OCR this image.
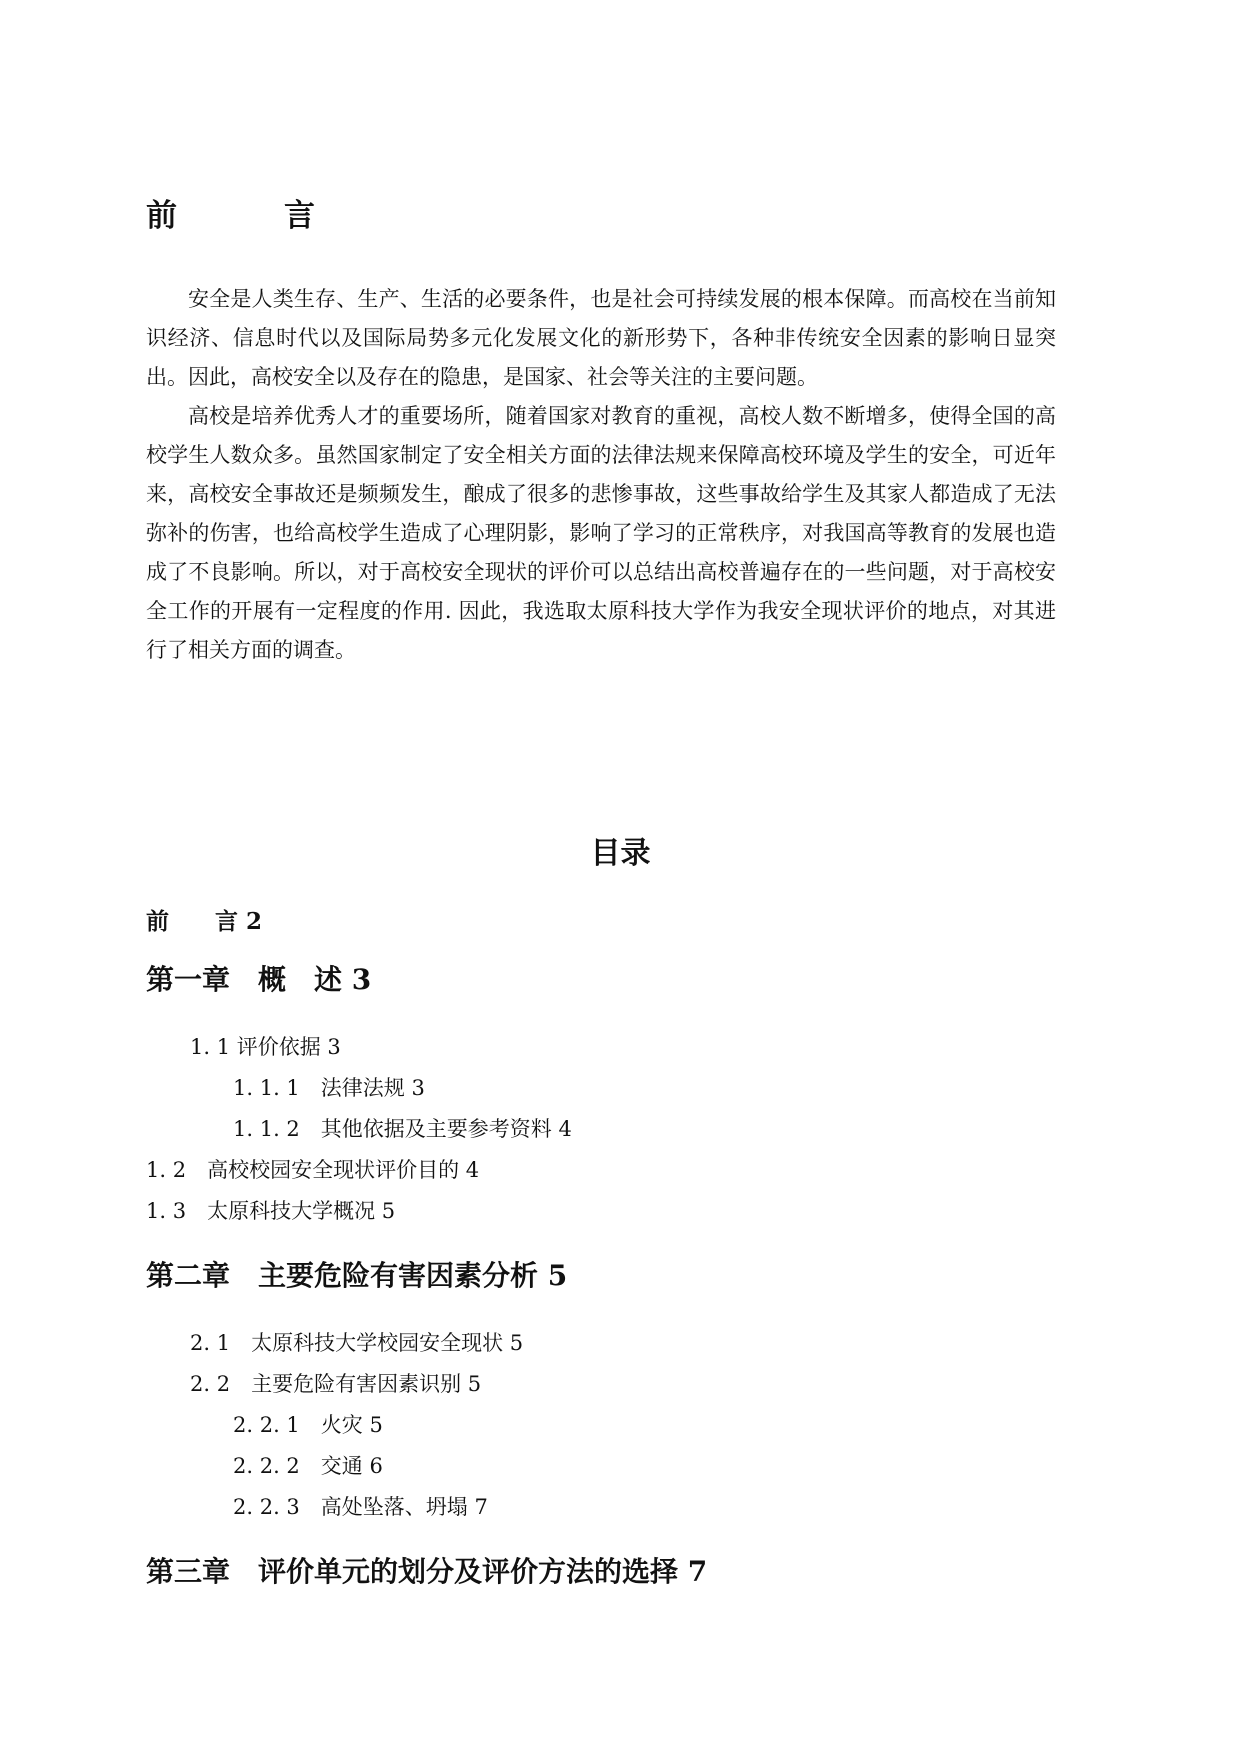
前　言

安全是人类生存、生产、生活的必要条件，也是社会可持续发展的根本保障。而高校在当前知识经济、信息时代以及国际局势多元化发展文化的新形势下，各种非传统安全因素的影响日显突出。因此，高校安全以及存在的隐患，是国家、社会等关注的主要问题。

高校是培养优秀人才的重要场所，随着国家对教育的重视，高校人数不断增多，使得全国的高校学生人数众多。虽然国家制定了安全相关方面的法律法规来保障高校环境及学生的安全，可近年来，高校安全事故还是频频发生，酿成了很多的悲惨事故，这些事故给学生及其家人都造成了无法弥补的伤害，也给高校学生造成了心理阴影，影响了学习的正常秩序，对我国高等教育的发展也造成了不良影响。所以，对于高校安全现状的评价可以总结出高校普遍存在的一些问题，对于高校安全工作的开展有一定程度的作用. 因此，我选取太原科技大学作为我安全现状评价的地点，对其进行了相关方面的调查。

目录
前　　言 2
第一章　概　述 3
1. 1 评价依据 3
1. 1. 1　法律法规 3
1. 1. 2　其他依据及主要参考资料 4
1. 2　高校校园安全现状评价目的 4
1. 3　太原科技大学概况 5
第二章　主要危险有害因素分析 5
2. 1　太原科技大学校园安全现状 5
2. 2　主要危险有害因素识别 5
2. 2. 1　火灾 5
2. 2. 2　交通 6
2. 2. 3　高处坠落、坍塌 7
第三章　评价单元的划分及评价方法的选择 7
